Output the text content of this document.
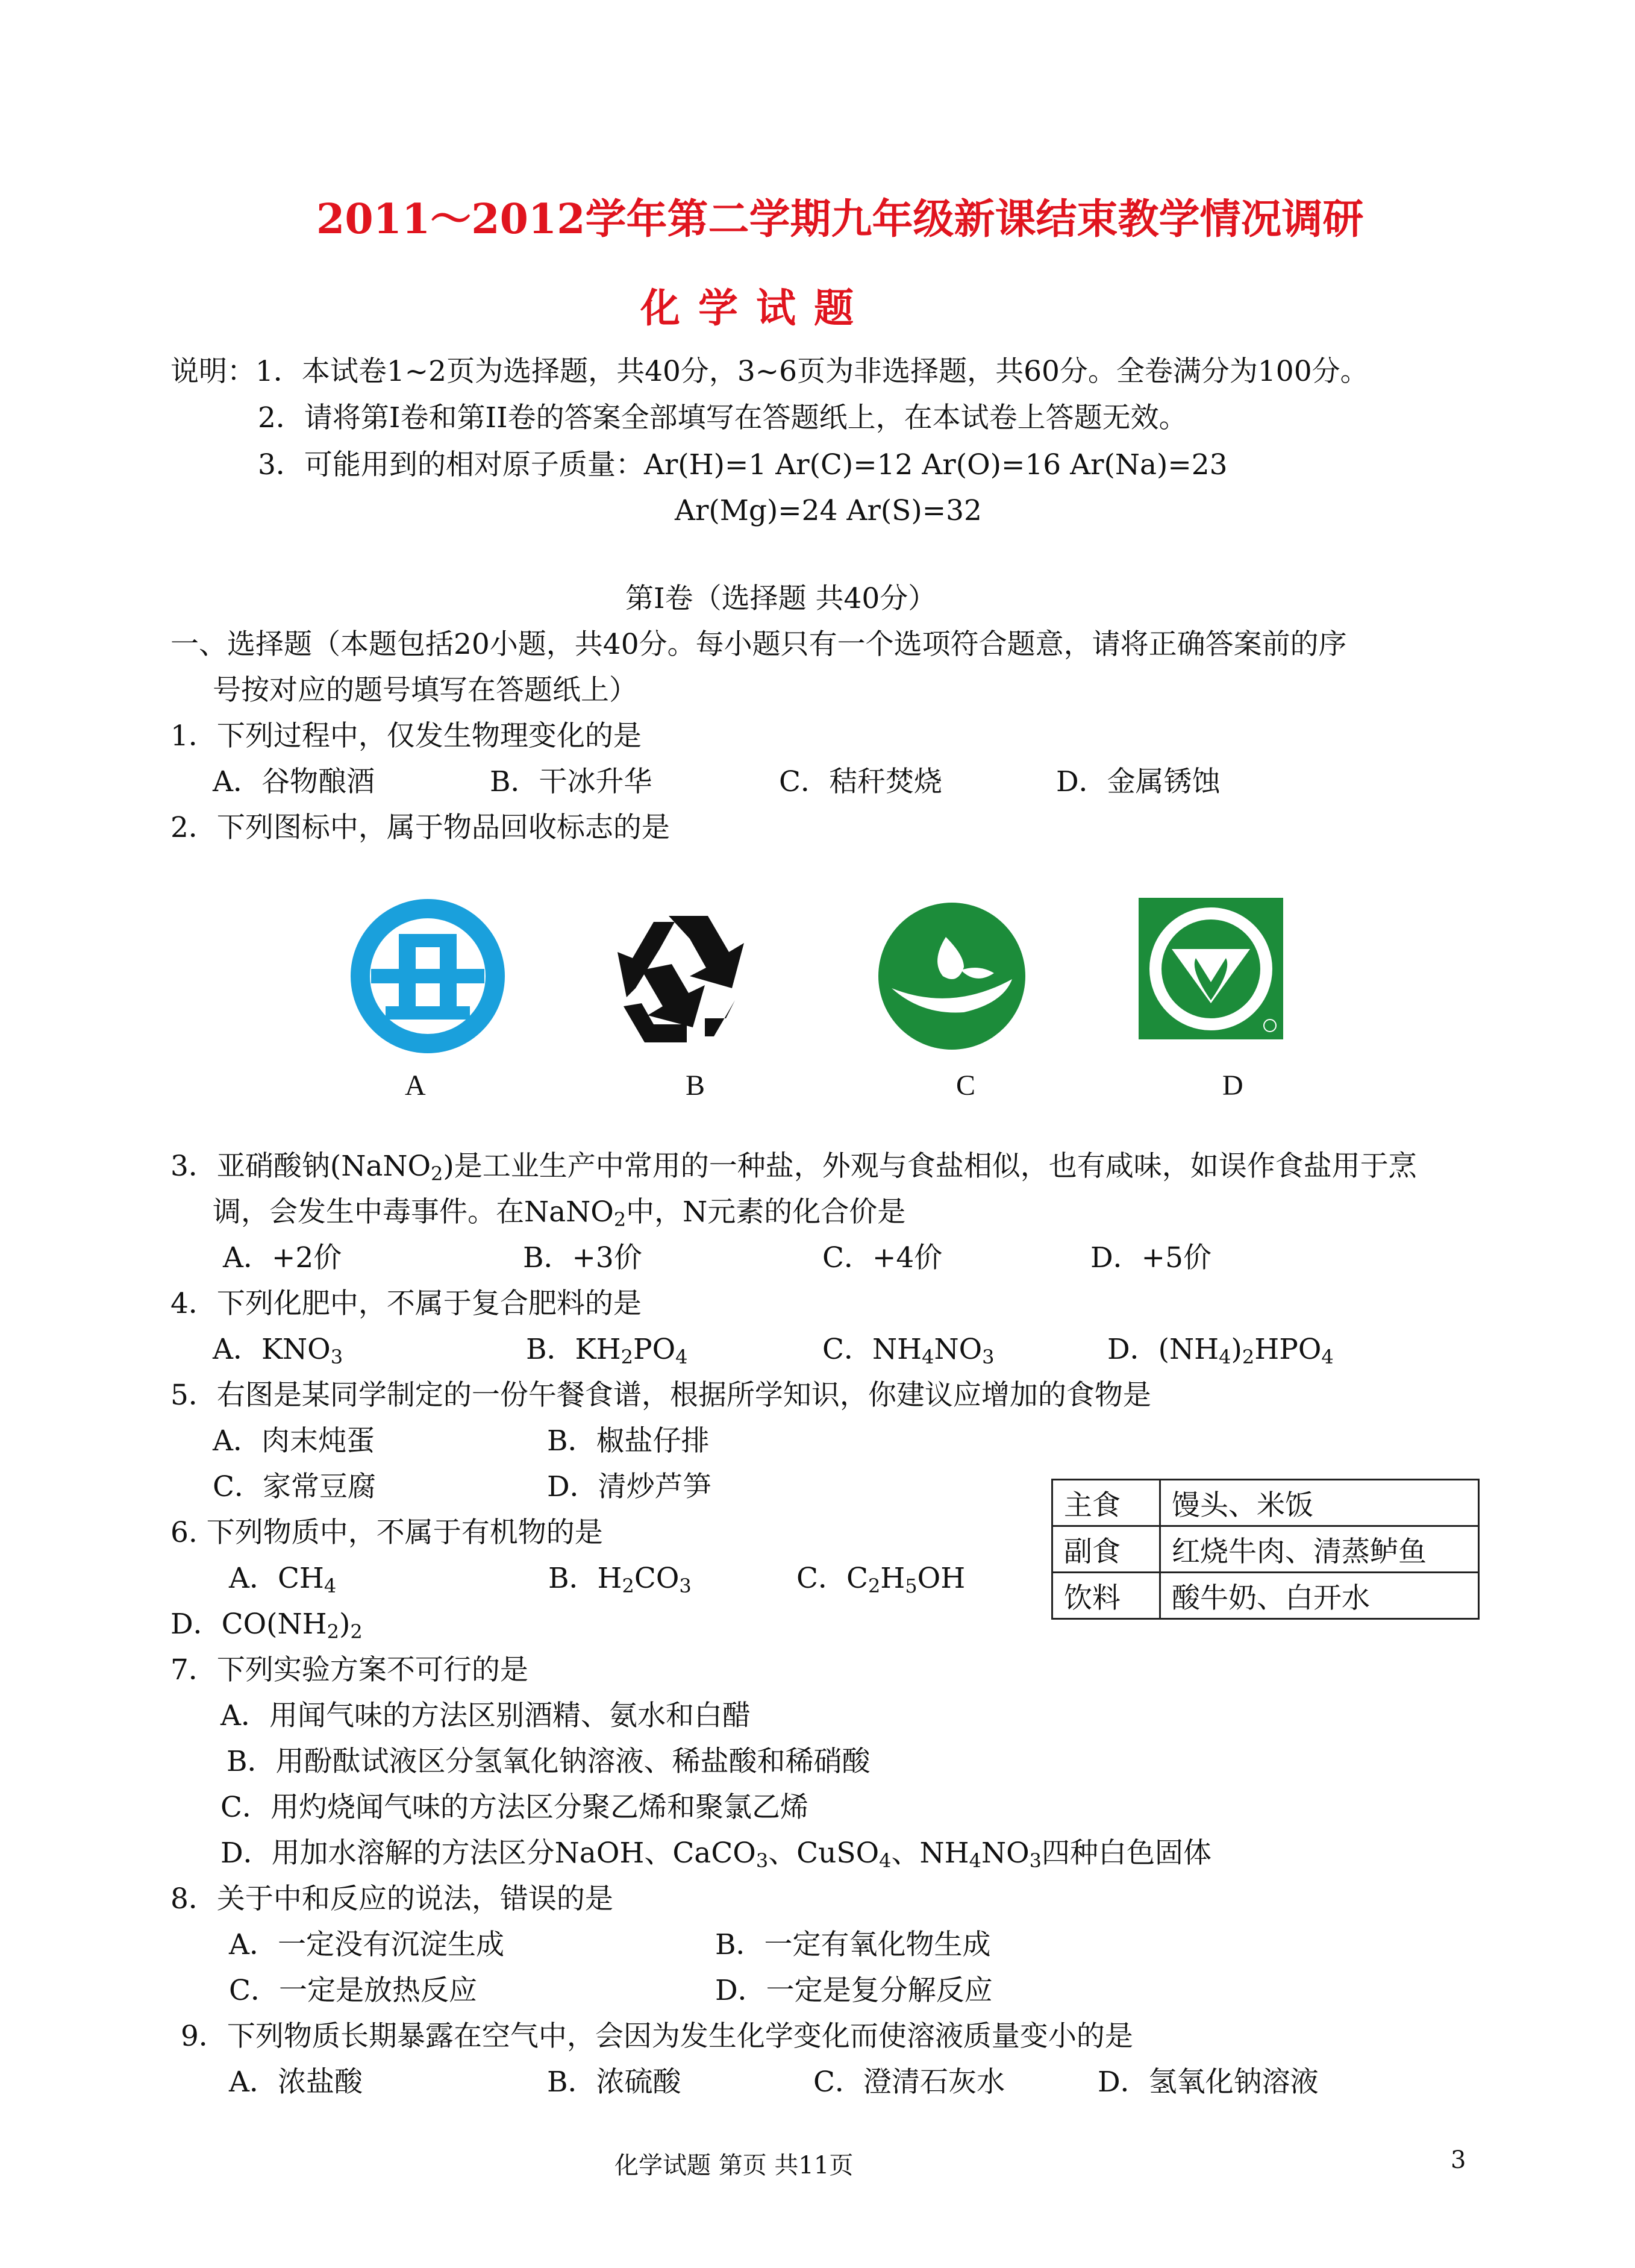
2011～2012学年第二学期九年级新课结束教学情况调研
化学试题
说明：1．本试卷1~2页为选择题，共40分，3~6页为非选择题，共60分。全卷满分为100分。
2．请将第Ⅰ卷和第II卷的答案全部填写在答题纸上，在本试卷上答题无效。
3．可能用到的相对原子质量：Ar(H)=1 Ar(C)=12 Ar(O)=16 Ar(Na)=23
Ar(Mg)=24 Ar(S)=32
第Ⅰ卷（选择题 共40分）
一、选择题（本题包括20小题，共40分。每小题只有一个选项符合题意，请将正确答案前的序
号按对应的题号填写在答题纸上）
1．下列过程中，仅发生物理变化的是
A．谷物酿酒	B．干冰升华	C．秸秆焚烧	D．金属锈蚀
2．下列图标中，属于物品回收标志的是
A	B	C	D
3．亚硝酸钠(NaNO$_2$)是工业生产中常用的一种盐，外观与食盐相似，也有咸味，如误作食盐用于烹
调，会发生中毒事件。在NaNO$_2$中，N元素的化合价是
A．+2价	B．+3价	C．+4价	D．+5价
4．下列化肥中，不属于复合肥料的是
A．$KNO_3$	B．$KH_2PO_4$	C．$NH_4NO_3$	D．$(NH_4)_2HPO_4$
5．右图是某同学制定的一份午餐食谱，根据所学知识，你建议应增加的食物是
A．肉末炖蛋	B．椒盐仔排
C．家常豆腐	D．清炒芦笋
主食	馒头、米饭
副食	红烧牛肉、清蒸鲈鱼
饮料	酸牛奶、白开水
6. 下列物质中，不属于有机物的是
A．$CH_4$	B．$H_2CO_3$	C．$C_2H_5OH$
D．$CO(NH_2)_2$
7．下列实验方案不可行的是
A．用闻气味的方法区别酒精、氨水和白醋
B．用酚酞试液区分氢氧化钠溶液、稀盐酸和稀硝酸
C．用灼烧闻气味的方法区分聚乙烯和聚氯乙烯
D．用加水溶解的方法区分NaOH、CaCO$_3$、CuSO$_4$、$NH_4NO_3$四种白色固体
8．关于中和反应的说法，错误的是
A．一定没有沉淀生成	B．一定有氧化物生成
C．一定是放热反应	D．一定是复分解反应
9．下列物质长期暴露在空气中，会因为发生化学变化而使溶液质量变小的是
A．浓盐酸	B．浓硫酸	C．澄清石灰水	D．氢氧化钠溶液
化学试题 第页 共11页	3
